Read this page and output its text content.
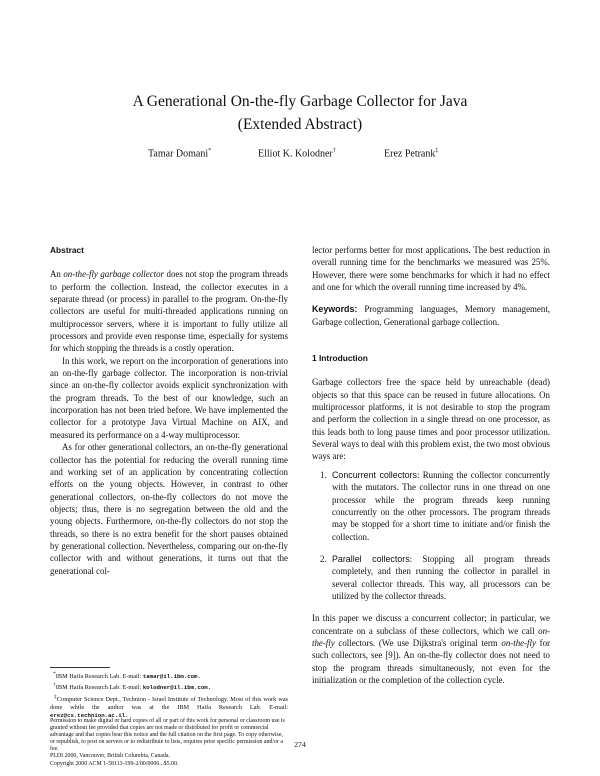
A Generational On-the-fly Garbage Collector for Java
(Extended Abstract)
Tamar Domani*	Elliot K. Kolodner†	Erez Petrank‡
Abstract

An on-the-fly garbage collector does not stop the program threads to perform the collection. Instead, the collector executes in a separate thread (or process) in parallel to the program. On-the-fly collectors are useful for multi-threaded applications running on multiprocessor servers, where it is important to fully utilize all processors and provide even response time, especially for systems for which stopping the threads is a costly operation.

In this work, we report on the incorporation of generations into an on-the-fly garbage collector. The incorporation is non-trivial since an on-the-fly collector avoids explicit synchronization with the program threads. To the best of our knowledge, such an incorporation has not been tried before. We have implemented the collector for a prototype Java Virtual Machine on AIX, and measured its performance on a 4-way multiprocessor.

As for other generational collectors, an on-the-fly generational collector has the potential for reducing the overall running time and working set of an application by concentrating collection efforts on the young objects. However, in contrast to other generational collectors, on-the-fly collectors do not move the objects; thus, there is no segregation between the old and the young objects. Furthermore, on-the-fly collectors do not stop the threads, so there is no extra benefit for the short pauses obtained by generational collection. Nevertheless, comparing our on-the-fly collector with and without generations, it turns out that the generational col-

*IBM Haifa Research Lab. E-mail: tamar@il.ibm.com.

†IBM Haifa Research Lab. E-mail: kolodner@il.ibm.com.

‡Computer Science Dept., Technion - Israel Institute of Technology. Most of this work was done while the author was at the IBM Haifa Research Lab. E-mail: erez@cs.technion.ac.il.

Permission to make digital or hard copies of all or part of this work for personal or classroom use is granted without fee provided that copies are not made or distributed for profit or commercial advantage and that copies bear this notice and the full citation on the first page. To copy otherwise, or republish, to post on servers or to redistribute to lists, requires prior specific permission and/or a fee.

PLDI 2000, Vancouver, British Columbia, Canada.

Copyright 2000 ACM 1-58113-199-2/00/0006...$5.00.

lector performs better for most applications. The best reduction in overall running time for the benchmarks we measured was 25%. However, there were some benchmarks for which it had no effect and one for which the overall running time increased by 4%.

Keywords: Programming languages, Memory management, Garbage collection, Generational garbage collection.

1 Introduction

Garbage collectors free the space held by unreachable (dead) objects so that this space can be reused in future allocations. On multiprocessor platforms, it is not desirable to stop the program and perform the collection in a single thread on one processor, as this leads both to long pause times and poor processor utilization. Several ways to deal with this problem exist, the two most obvious ways are:

1. Concurrent collectors: Running the collector concurrently with the mutators. The collector runs in one thread on one processor while the program threads keep running concurrently on the other processors. The program threads may be stopped for a short time to initiate and/or finish the collection.
2. Parallel collectors: Stopping all program threads completely, and then running the collector in parallel in several collector threads. This way, all processors can be utilized by the collector threads.

In this paper we discuss a concurrent collector; in particular, we concentrate on a subclass of these collectors, which we call on-the-fly collectors. (We use Dijkstra's original term on-the-fly for such collectors, see [9]). An on-the-fly collector does not need to stop the program threads simultaneously, not even for the initialization or the completion of the collection cycle.

274
